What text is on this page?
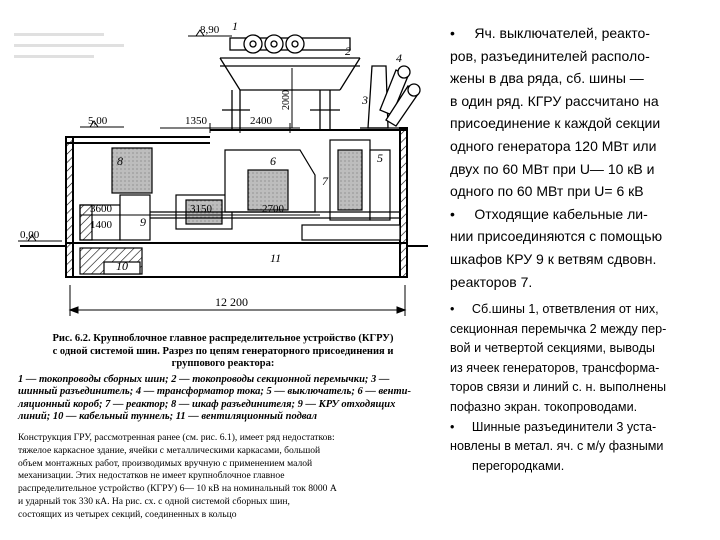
8,90
5,00
0,00
2000
1350	2400
3600
1400
3150	2700
12 200
1
2
3
4
5
6
7
8
9
10
11
Рис. 6.2. Крупноблочное главное распределительное устройство (КГРУ)
с одной системой шин. Разрез по цепям генераторного присоединения и
группового реактора:
1 — токопроводы сборных шин; 2 — токопроводы секционной перемычки; 3 —
шинный разъединитель; 4 — трансформатор тока; 5 — выключатель; 6 — венти-
ляционный короб; 7 — реактор; 8 — шкаф разъединителя; 9 — КРУ отходящих
линий; 10 — кабельный туннель; 11 — вентиляционный подвал
Конструкция ГРУ, рассмотренная ранее (см. рис. 6.1), имеет ряд недостатков:
тяжелое каркасное здание, ячейки с металлическими каркасами, большой
объем монтажных работ, производимых вручную с применением малой
механизации. Этих недостатков не имеет крупноблочное главное
распределительное устройство (КГРУ) 6— 10 кВ на номинальный ток 8000 А
и ударный ток 330 кА. На рис. сх. с одной системой сборных шин,
состоящих из четырех секций, соединенных в кольцо

• Яч. выключателей, реакто-

ров, разъединителей располо-

жены в два ряда, сб. шины —

в один ряд. КГРУ рассчитано на

присоединение к каждой секции

одного генератора 120 МВт или

двух по 60 МВт при U— 10 кВ и

одного по 60 МВт при U= 6 кВ

• Отходящие кабельные ли-

нии присоединяются с помощью

шкафов КРУ 9 к ветвям сдвовн.

реакторов 7.

• Сб.шины 1, ответвления от них,

секционная перемычка 2 между пер-

вой и четвертой секциями, выводы

из ячеек генераторов, трансформа-

торов связи и линий с. н. выполнены

пофазно экран. токопроводами.

• Шинные разъединители 3 уста-

новлены в метал. яч. с м/у фазными

перегородками.
